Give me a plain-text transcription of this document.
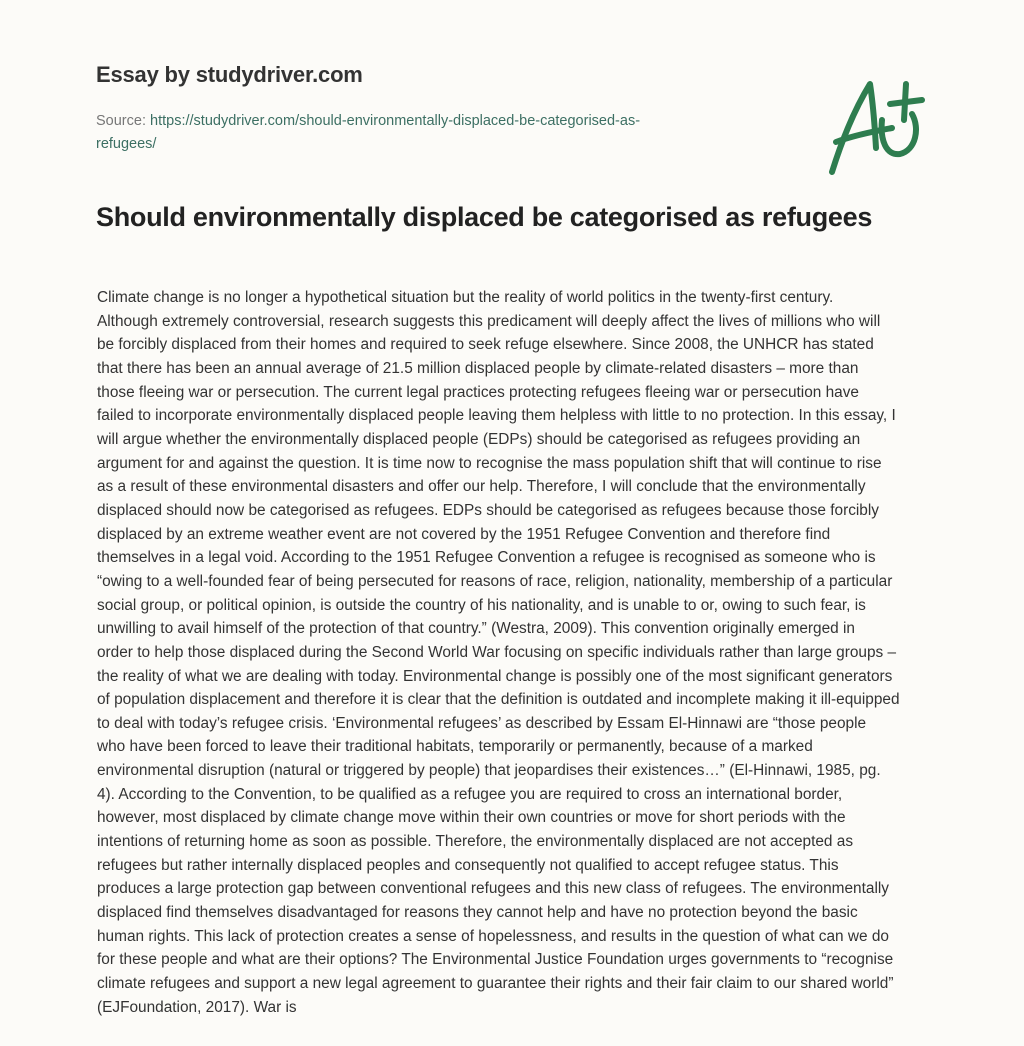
Essay by studydriver.com
Source: https://studydriver.com/should-environmentally-displaced-be-categorised-as-
refugees/
Should environmentally displaced be categorised as refugees
Climate change is no longer a hypothetical situation but the reality of world politics in the twenty-first century.
Although extremely controversial, research suggests this predicament will deeply affect the lives of millions who will
be forcibly displaced from their homes and required to seek refuge elsewhere. Since 2008, the UNHCR has stated
that there has been an annual average of 21.5 million displaced people by climate-related disasters – more than
those fleeing war or persecution. The current legal practices protecting refugees fleeing war or persecution have
failed to incorporate environmentally displaced people leaving them helpless with little to no protection. In this essay, I
will argue whether the environmentally displaced people (EDPs) should be categorised as refugees providing an
argument for and against the question. It is time now to recognise the mass population shift that will continue to rise
as a result of these environmental disasters and offer our help. Therefore, I will conclude that the environmentally
displaced should now be categorised as refugees. EDPs should be categorised as refugees because those forcibly
displaced by an extreme weather event are not covered by the 1951 Refugee Convention and therefore find
themselves in a legal void. According to the 1951 Refugee Convention a refugee is recognised as someone who is
“owing to a well-founded fear of being persecuted for reasons of race, religion, nationality, membership of a particular
social group, or political opinion, is outside the country of his nationality, and is unable to or, owing to such fear, is
unwilling to avail himself of the protection of that country.” (Westra, 2009). This convention originally emerged in
order to help those displaced during the Second World War focusing on specific individuals rather than large groups –
the reality of what we are dealing with today. Environmental change is possibly one of the most significant generators
of population displacement and therefore it is clear that the definition is outdated and incomplete making it ill-equipped
to deal with today’s refugee crisis. ‘Environmental refugees’ as described by Essam El-Hinnawi are “those people
who have been forced to leave their traditional habitats, temporarily or permanently, because of a marked
environmental disruption (natural or triggered by people) that jeopardises their existences…” (El-Hinnawi, 1985, pg.
4). According to the Convention, to be qualified as a refugee you are required to cross an international border,
however, most displaced by climate change move within their own countries or move for short periods with the
intentions of returning home as soon as possible. Therefore, the environmentally displaced are not accepted as
refugees but rather internally displaced peoples and consequently not qualified to accept refugee status. This
produces a large protection gap between conventional refugees and this new class of refugees. The environmentally
displaced find themselves disadvantaged for reasons they cannot help and have no protection beyond the basic
human rights. This lack of protection creates a sense of hopelessness, and results in the question of what can we do
for these people and what are their options? The Environmental Justice Foundation urges governments to “recognise
climate refugees and support a new legal agreement to guarantee their rights and their fair claim to our shared world”
(EJFoundation, 2017). War is
